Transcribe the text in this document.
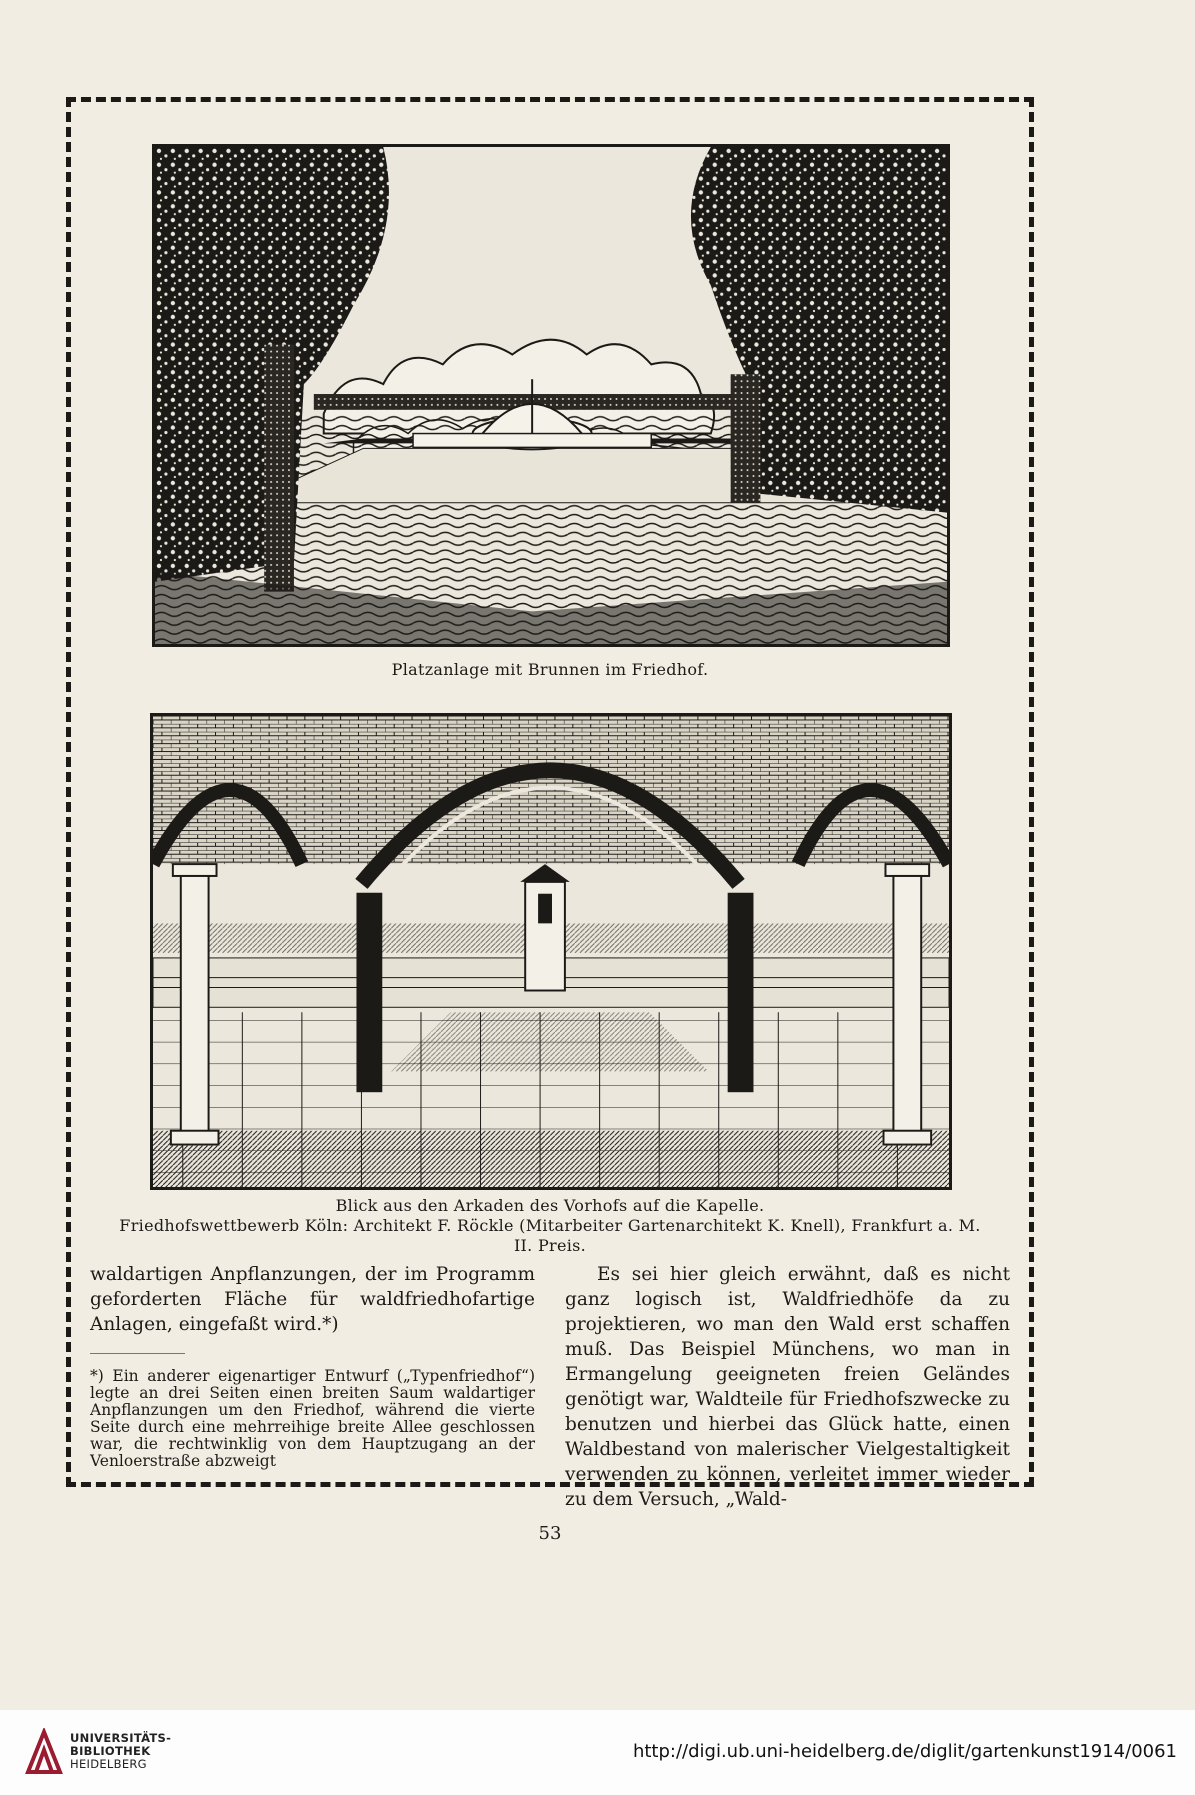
Platzanlage mit Brunnen im Friedhof.
Blick aus den Arkaden des Vorhofs auf die Kapelle.
Friedhofswettbewerb Köln: Architekt F. Röckle (Mitarbeiter Gartenarchitekt K. Knell), Frankfurt a. M.
II. Preis.

waldartigen Anpflanzungen, der im Programm geforderten Fläche für waldfriedhofartige Anlagen, eingefaßt wird.*)

*) Ein anderer eigenartiger Entwurf („Typenfriedhof“) legte an drei Seiten einen breiten Saum waldartiger Anpflanzungen um den Friedhof, während die vierte Seite durch eine mehrreihige breite Allee geschlossen war, die rechtwinklig von dem Hauptzugang an der Venloerstraße abzweigt

Es sei hier gleich erwähnt, daß es nicht ganz logisch ist, Waldfriedhöfe da zu projektieren, wo man den Wald erst schaffen muß. Das Beispiel Münchens, wo man in Ermangelung geeigneten freien Geländes genötigt war, Waldteile für Friedhofszwecke zu benutzen und hierbei das Glück hatte, einen Waldbestand von malerischer Vielgestaltigkeit verwenden zu können, verleitet immer wieder zu dem Versuch, „Wald-

53
UNIVERSITÄTS-
BIBLIOTHEK
HEIDELBERG
http://digi.ub.uni-heidelberg.de/diglit/gartenkunst1914/0061
